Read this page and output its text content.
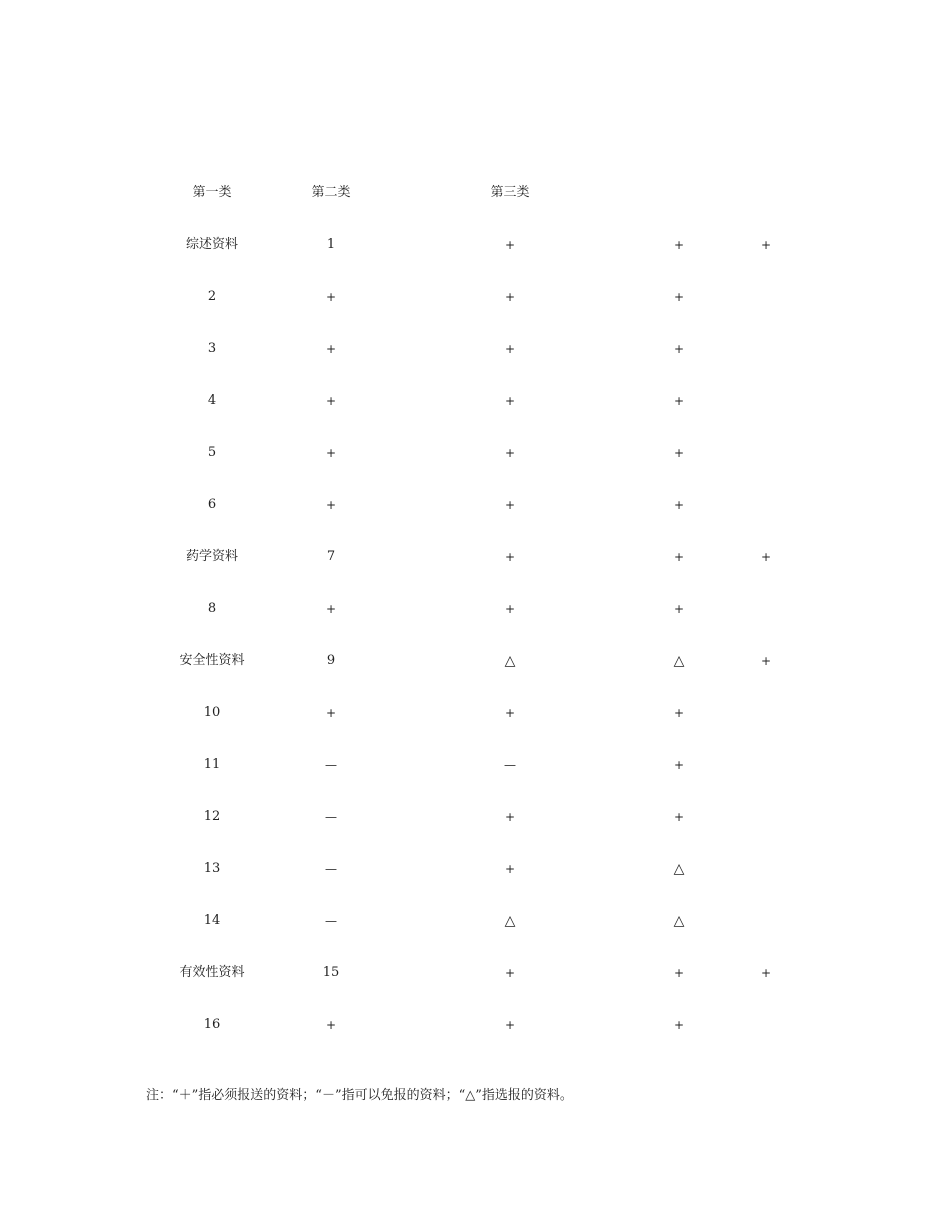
第一类	第二类	第三类
综述资料	1	+	+	+
2	+	+	+
3	+	+	+
4	+	+	+
5	+	+	+
6	+	+	+
药学资料	7	+	+	+
8	+	+	+
安全性资料	9	△	△	+
10	+	+	+
11	—	—	+
12	—	+	+
13	—	+	△
14	—	△	△
有效性资料	15	+	+	+
16	+	+	+
注：“＋”指必须报送的资料；“－”指可以免报的资料；“△”指选报的资料。
